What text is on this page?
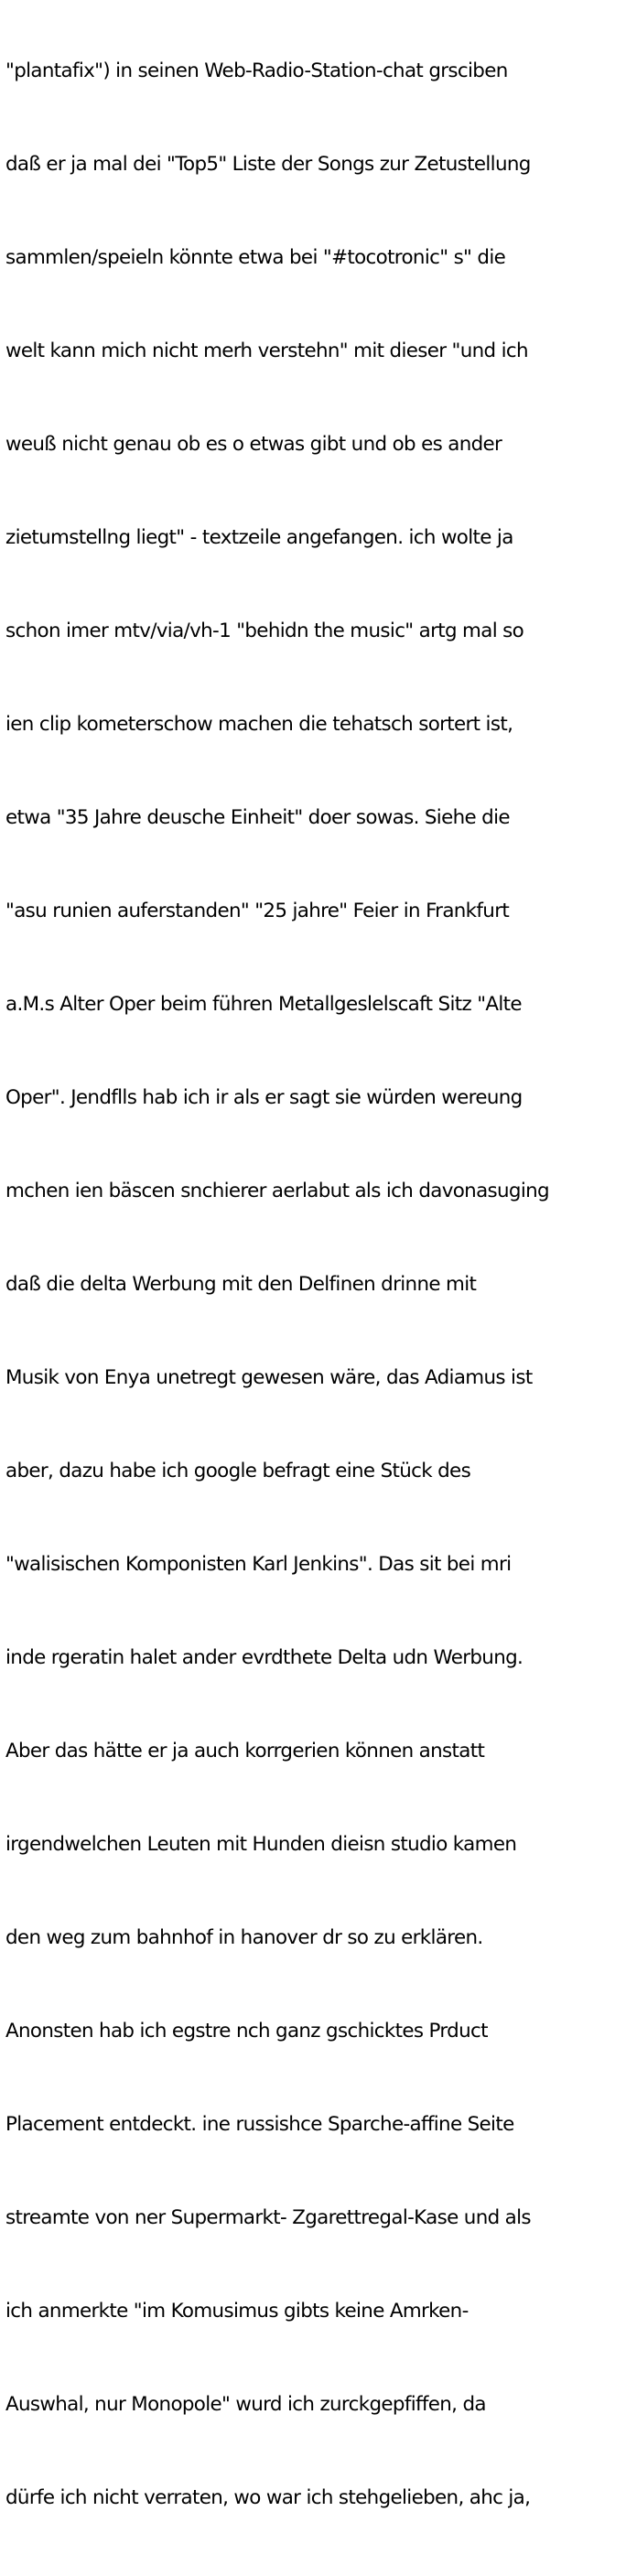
"plantafix") in seinen Web-Radio-Station-chat grsciben

daß er ja mal dei "Top5" Liste der Songs zur Zetustellung

sammlen/speieln könnte etwa bei "#tocotronic" s" die

welt kann mich nicht merh verstehn" mit dieser "und ich

weuß nicht genau ob es o etwas gibt und ob es ander

zietumstellng liegt" - textzeile angefangen. ich wolte ja

schon imer mtv/via/vh-1 "behidn the music" artg mal so

ien clip kometerschow machen die tehatsch sortert ist,

etwa "35 Jahre deusche Einheit" doer sowas. Siehe die

"asu runien auferstanden" "25 jahre" Feier in Frankfurt

a.M.s Alter Oper beim führen Metallgeslelscaft Sitz "Alte

Oper". Jendflls hab ich ir als er sagt sie würden wereung

mchen ien bäscen snchierer aerlabut als ich davonasuging

daß die delta Werbung mit den Delfinen drinne mit

Musik von Enya unetregt gewesen wäre, das Adiamus ist

aber, dazu habe ich google befragt eine Stück des

"walisischen Komponisten Karl Jenkins". Das sit bei mri

inde rgeratin halet ander evrdthete Delta udn Werbung.

Aber das hätte er ja auch korrgerien können anstatt

irgendwelchen Leuten mit Hunden dieisn studio kamen

den weg zum bahnhof in hanover dr so zu erklären.

Anonsten hab ich egstre nch ganz gschicktes Prduct

Placement entdeckt. ine russishce Sparche-affine Seite

streamte von ner Supermarkt- Zgarettregal-Kase und als

ich anmerkte "im Komusimus gibts keine Amrken-

Auswhal, nur Monopole" wurd ich zurckgepfiffen, da

dürfe ich nicht verraten, wo war ich stehgelieben, ahc ja,
